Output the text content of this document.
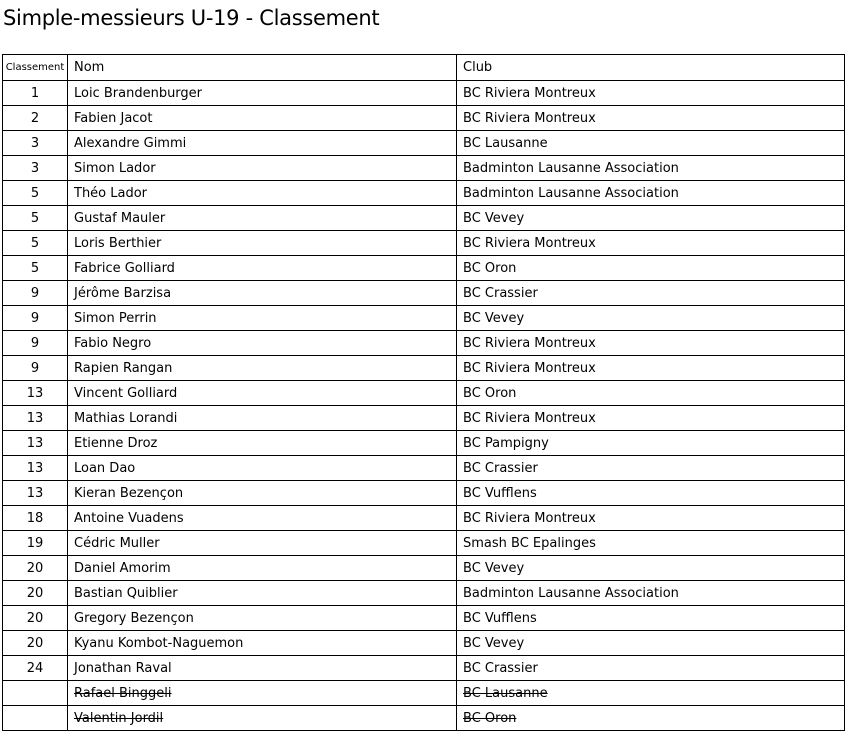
Simple-messieurs U-19 - Classement
Classement	Nom	Club
1	Loic Brandenburger	BC Riviera Montreux
2	Fabien Jacot	BC Riviera Montreux
3	Alexandre Gimmi	BC Lausanne
3	Simon Lador	Badminton Lausanne Association
5	Théo Lador	Badminton Lausanne Association
5	Gustaf Mauler	BC Vevey
5	Loris Berthier	BC Riviera Montreux
5	Fabrice Golliard	BC Oron
9	Jérôme Barzisa	BC Crassier
9	Simon Perrin	BC Vevey
9	Fabio Negro	BC Riviera Montreux
9	Rapien Rangan	BC Riviera Montreux
13	Vincent Golliard	BC Oron
13	Mathias Lorandi	BC Riviera Montreux
13	Etienne Droz	BC Pampigny
13	Loan Dao	BC Crassier
13	Kieran Bezençon	BC Vufflens
18	Antoine Vuadens	BC Riviera Montreux
19	Cédric Muller	Smash BC Epalinges
20	Daniel Amorim	BC Vevey
20	Bastian Quiblier	Badminton Lausanne Association
20	Gregory Bezençon	BC Vufflens
20	Kyanu Kombot-Naguemon	BC Vevey
24	Jonathan Raval	BC Crassier
	Rafael Binggeli	BC Lausanne
	Valentin Jordil	BC Oron
